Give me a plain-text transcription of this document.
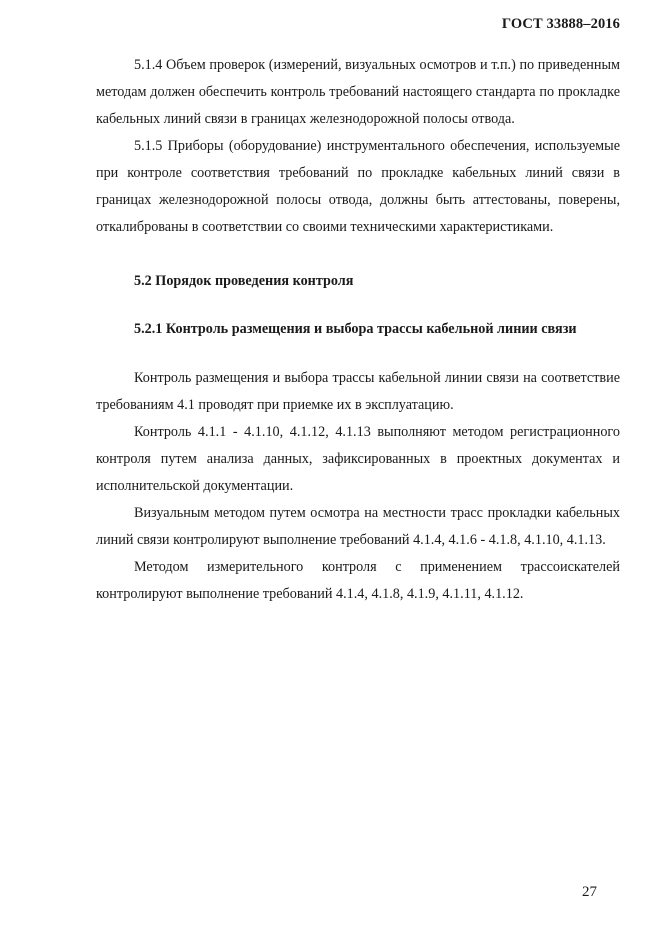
ГОСТ 33888–2016

5.1.4 Объем проверок (измерений, визуальных осмотров и т.п.) по приведенным методам должен обеспечить контроль требований настоящего стандарта по прокладке кабельных линий связи в границах железнодорожной полосы отвода.

5.1.5 Приборы (оборудование) инструментального обеспечения, используемые при контроле соответствия требований по прокладке кабельных линий связи в границах железнодорожной полосы отвода, должны быть аттестованы, поверены, откалиброваны в соответствии со своими техническими характеристиками.

5.2 Порядок проведения контроля
5.2.1 Контроль размещения и выбора трассы кабельной линии связи

Контроль размещения и выбора трассы кабельной линии связи на соответствие требованиям 4.1 проводят при приемке их в эксплуатацию.

Контроль 4.1.1 - 4.1.10, 4.1.12, 4.1.13 выполняют методом регистрационного контроля путем анализа данных, зафиксированных в проектных документах и исполнительской документации.

Визуальным методом путем осмотра на местности трасс прокладки кабельных линий связи контролируют выполнение требований 4.1.4, 4.1.6 - 4.1.8, 4.1.10, 4.1.13.

Методом измерительного контроля с применением трассоискателей контролируют выполнение требований 4.1.4, 4.1.8, 4.1.9, 4.1.11, 4.1.12.

27
